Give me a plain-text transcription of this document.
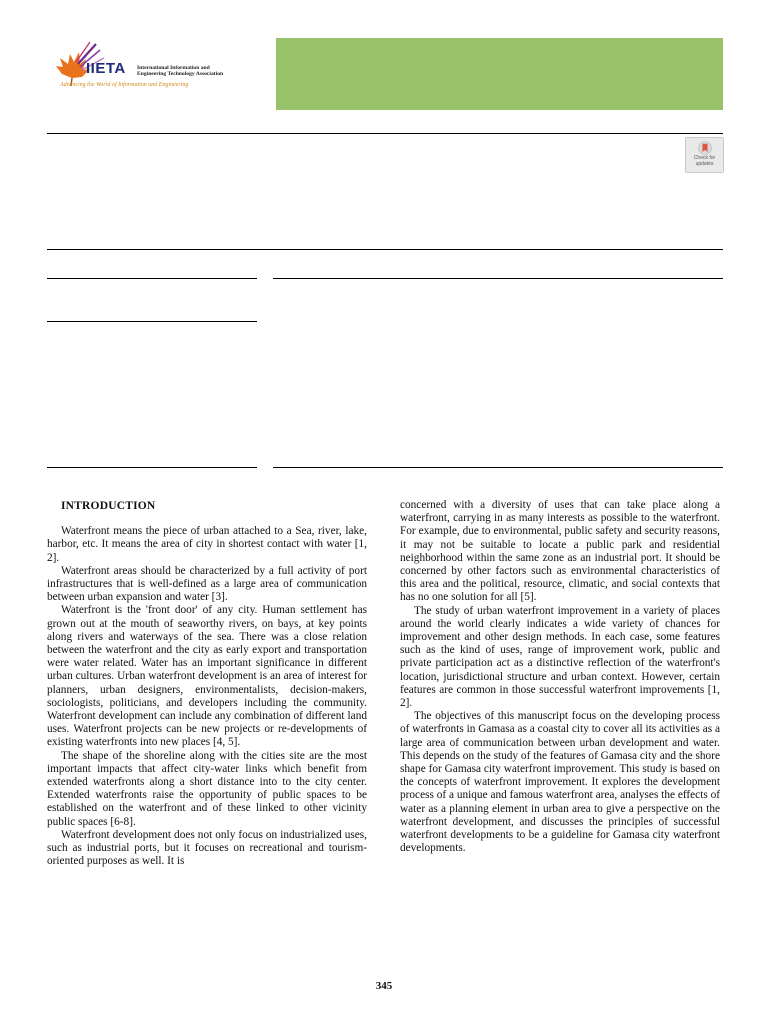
IIETA International Information and
Engineering Technology Association
Advancing the World of Information and Engineering
Check for
updates
INTRODUCTION

Waterfront means the piece of urban attached to a Sea, river, lake, harbor, etc. It means the area of city in shortest contact with water [1, 2].

Waterfront areas should be characterized by a full activity of port infrastructures that is well-defined as a large area of communication between urban expansion and water [3].

Waterfront is the 'front door' of any city. Human settlement has grown out at the mouth of seaworthy rivers, on bays, at key points along rivers and waterways of the sea. There was a close relation between the waterfront and the city as early export and transportation were water related. Water has an important significance in different urban cultures. Urban waterfront development is an area of interest for planners, urban designers, environmentalists, decision-makers, sociologists, politicians, and developers including the community. Waterfront development can include any combination of different land uses. Waterfront projects can be new projects or re-developments of existing waterfronts into new places [4, 5].

The shape of the shoreline along with the cities site are the most important impacts that affect city-water links which benefit from extended waterfronts along a short distance into to the city center. Extended waterfronts raise the opportunity of public spaces to be established on the waterfront and of these linked to other vicinity public spaces [6-8].

Waterfront development does not only focus on industrialized uses, such as industrial ports, but it focuses on recreational and tourism-oriented purposes as well. It is

concerned with a diversity of uses that can take place along a waterfront, carrying in as many interests as possible to the waterfront. For example, due to environmental, public safety and security reasons, it may not be suitable to locate a public park and residential neighborhood within the same zone as an industrial port. It should be concerned by other factors such as environmental characteristics of this area and the political, resource, climatic, and social contexts that has no one solution for all [5].

The study of urban waterfront improvement in a variety of places around the world clearly indicates a wide variety of chances for improvement and other design methods. In each case, some features such as the kind of uses, range of improvement work, public and private participation act as a distinctive reflection of the waterfront's location, jurisdictional structure and urban context. However, certain features are common in those successful waterfront improvements [1, 2].

The objectives of this manuscript focus on the developing process of waterfronts in Gamasa as a coastal city to cover all its activities as a large area of communication between urban development and water. This depends on the study of the features of Gamasa city and the shore shape for Gamasa city waterfront improvement. This study is based on the concepts of waterfront improvement. It explores the development process of a unique and famous waterfront area, analyses the effects of water as a planning element in urban area to give a perspective on the waterfront development, and discusses the principles of successful waterfront developments to be a guideline for Gamasa city waterfront developments.

345
